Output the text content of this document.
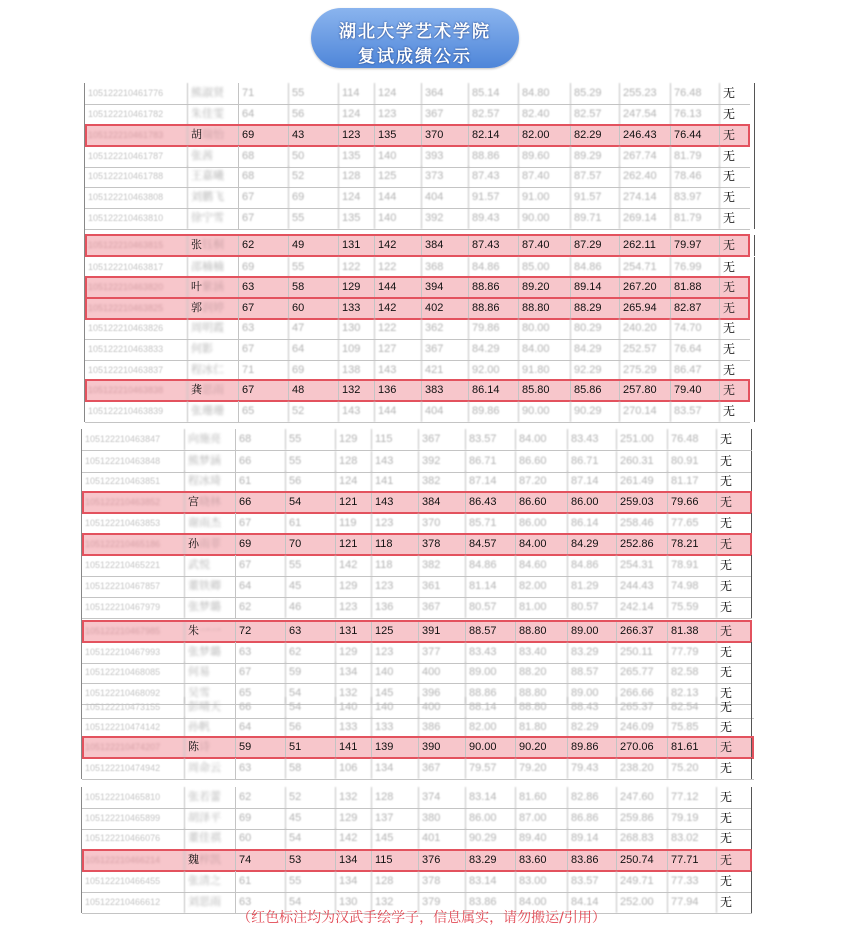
湖北大学艺术学院
复试成绩公示
105122210461776	熊淑贤	71	55	114	124	364	85.14	84.80	85.29	255.23	76.48	无
105122210461782	朱佳雯	64	56	124	123	367	82.57	82.40	82.57	247.54	76.13	无
105122210461783	胡瑞怡	69	43	123	135	370	82.14	82.00	82.29	246.43	76.44	无
105122210461787	张茜	68	50	135	140	393	88.86	89.60	89.29	267.74	81.79	无
105122210461788	王嘉曦	68	52	128	125	373	87.43	87.40	87.57	262.40	78.46	无
105122210463808	刘鹏飞	67	69	124	144	404	91.57	91.00	91.57	274.14	83.97	无
105122210463810	徐宁雪	67	55	135	140	392	89.43	90.00	89.71	269.14	81.79	无
105122210463815	张钰桐	62	49	131	142	384	87.43	87.40	87.29	262.11	79.97	无
105122210463817	邵楠楠	69	55	122	122	368	84.86	85.00	84.86	254.71	76.99	无
105122210463820	叶紫涵	63	58	129	144	394	88.86	89.20	89.14	267.20	81.88	无
105122210463825	郭润婷	67	60	133	142	402	88.86	88.80	88.29	265.94	82.87	无
105122210463826	周明霞	63	47	130	122	362	79.86	80.00	80.29	240.20	74.70	无
105122210463833	何影	67	64	109	127	367	84.29	84.00	84.29	252.57	76.64	无
105122210463837	程冰仁	71	69	138	143	421	92.00	91.80	92.29	275.29	86.47	无
105122210463838	龚思雨	67	48	132	136	383	86.14	85.80	85.86	257.80	79.40	无
105122210463839	张珊珊	65	52	143	144	404	89.86	90.00	90.29	270.14	83.57	无
105122210463847	向施亮	68	55	129	115	367	83.57	84.00	83.43	251.00	76.48	无
105122210463848	熊梦涵	66	55	128	143	392	86.71	86.60	86.71	260.31	80.91	无
105122210463851	程冰琦	61	56	124	141	382	87.14	87.20	87.14	261.49	81.17	无
105122210463852	宫晓林	66	54	121	143	384	86.43	86.60	86.00	259.03	79.66	无
105122210463853	谢雨杰	67	61	119	123	370	85.71	86.00	86.14	258.46	77.65	无
105122210465186	孙雨菲	69	70	121	118	378	84.57	84.00	84.29	252.86	78.21	无
105122210465221	武悦	67	55	142	118	382	84.86	84.60	84.86	254.31	78.91	无
105122210467857	董铁卿	64	45	129	123	361	81.14	82.00	81.29	244.43	74.98	无
105122210467979	张梦璐	62	46	123	136	367	80.57	81.00	80.57	242.14	75.59	无
105122210467985	朱一一	72	63	131	125	391	88.57	88.80	89.00	266.37	81.38	无
105122210467993	张梦璐	63	62	129	123	377	83.43	83.40	83.29	250.11	77.79	无
105122210468085	何易	67	59	134	140	400	89.00	88.20	88.57	265.77	82.58	无
105122210468092	吴雪	65	54	132	145	396	88.86	88.80	89.00	266.66	82.13	无
105122210473155	彭晴天	66	54	140	140	400	88.14	88.80	88.43	265.37	82.54	无
105122210474142	孙帆	64	56	133	133	386	82.00	81.80	82.29	246.09	75.85	无
105122210474207	陈诗	59	51	141	139	390	90.00	90.20	89.86	270.06	81.61	无
105122210474942	周命云	63	58	106	134	367	79.57	79.20	79.43	238.20	75.20	无
105122210465810	张若蕾	62	52	132	128	374	83.14	81.60	82.86	247.60	77.12	无
105122210465899	胡泽平	69	45	129	137	380	86.00	87.00	86.86	259.86	79.19	无
105122210466076	董佳祺	60	54	142	145	401	90.29	89.40	89.14	268.83	83.02	无
105122210466214	魏梓凯	74	53	134	115	376	83.29	83.60	83.86	250.74	77.71	无
105122210466455	张清之	61	55	134	128	378	83.14	83.00	83.57	249.71	77.33	无
105122210466612	刘思雨	63	54	130	132	379	83.86	84.00	84.14	252.00	77.94	无
（红色标注均为汉武手绘学子，信息属实，请勿搬运/引用）
